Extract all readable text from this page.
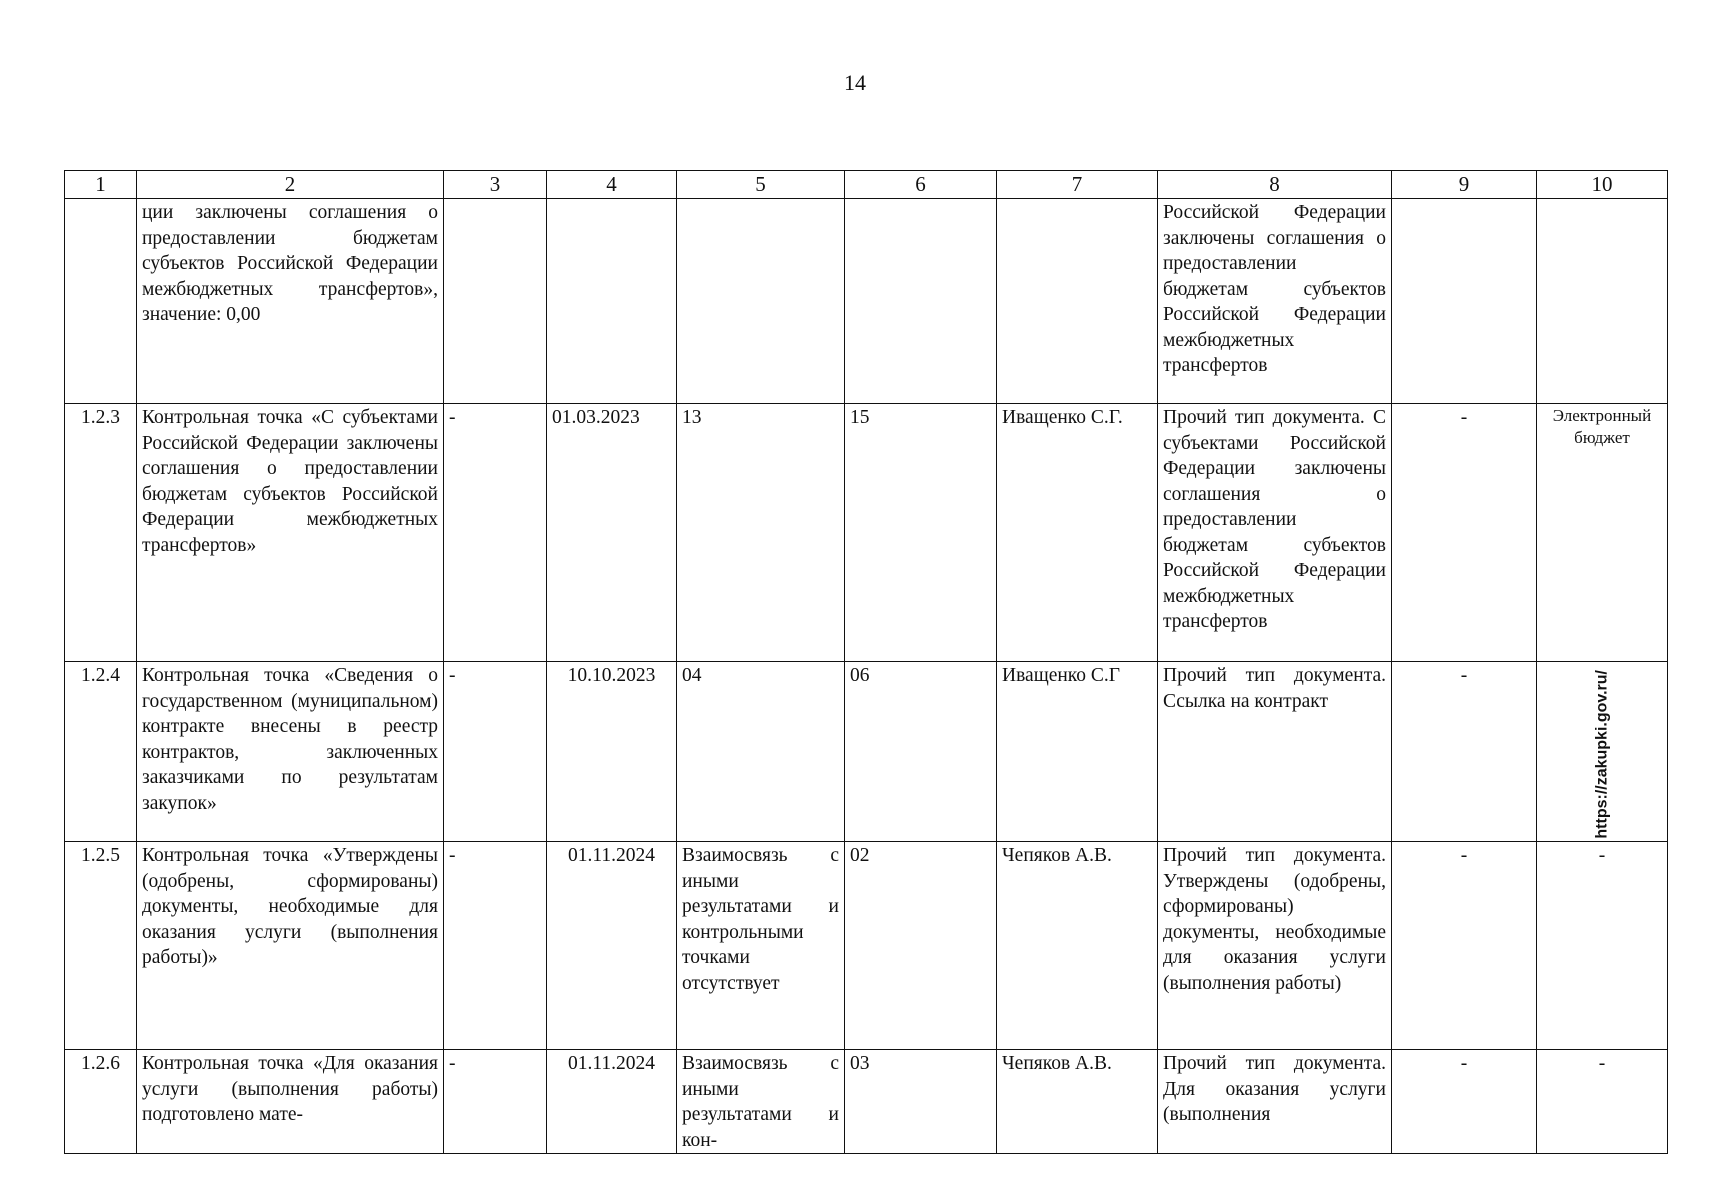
14
1	2	3	4	5	6	7	8	9	10
	ции заключены соглашения о предоставлении бюджетам субъектов Российской Федерации межбюджетных трансфертов», значение: 0,00						Российской Федерации заключены соглашения о предоставлении бюджетам субъектов Российской Федерации межбюджетных трансфертов		
1.2.3	Контрольная точка «С субъектами Российской Федерации заключены соглашения о предоставлении бюджетам субъектов Российской Федерации межбюджетных трансфертов»	-	01.03.2023	13	15	Иващенко С.Г.	Прочий тип документа. С субъектами Российской Федерации заключены соглашения о предоставлении бюджетам субъектов Российской Федерации межбюджетных трансфертов	-	Электронный бюджет
1.2.4	Контрольная точка «Сведения о государственном (муниципальном) контракте внесены в реестр контрактов, заключенных заказчиками по результатам закупок»	-	10.10.2023	04	06	Иващенко С.Г	Прочий тип документа. Ссылка на контракт	-	https://zakupki.gov.ru/

1.2.5	Контрольная точка «Утверждены (одобрены, сформированы) документы, необходимые для оказания услуги (выполнения работы)»	-	01.11.2024	Взаимосвязь с иными результатами и контрольными точками отсутствует	02	Чепяков А.В.	Прочий тип документа. Утверждены (одобрены, сформированы) документы, необходимые для оказания услуги (выполнения работы)	-	-
1.2.6	Контрольная точка «Для оказания услуги (выполнения работы) подготовлено мате-	-	01.11.2024	Взаимосвязь с иными результатами и кон-	03	Чепяков А.В.	Прочий тип документа. Для оказания услуги (выполнения	-	-
